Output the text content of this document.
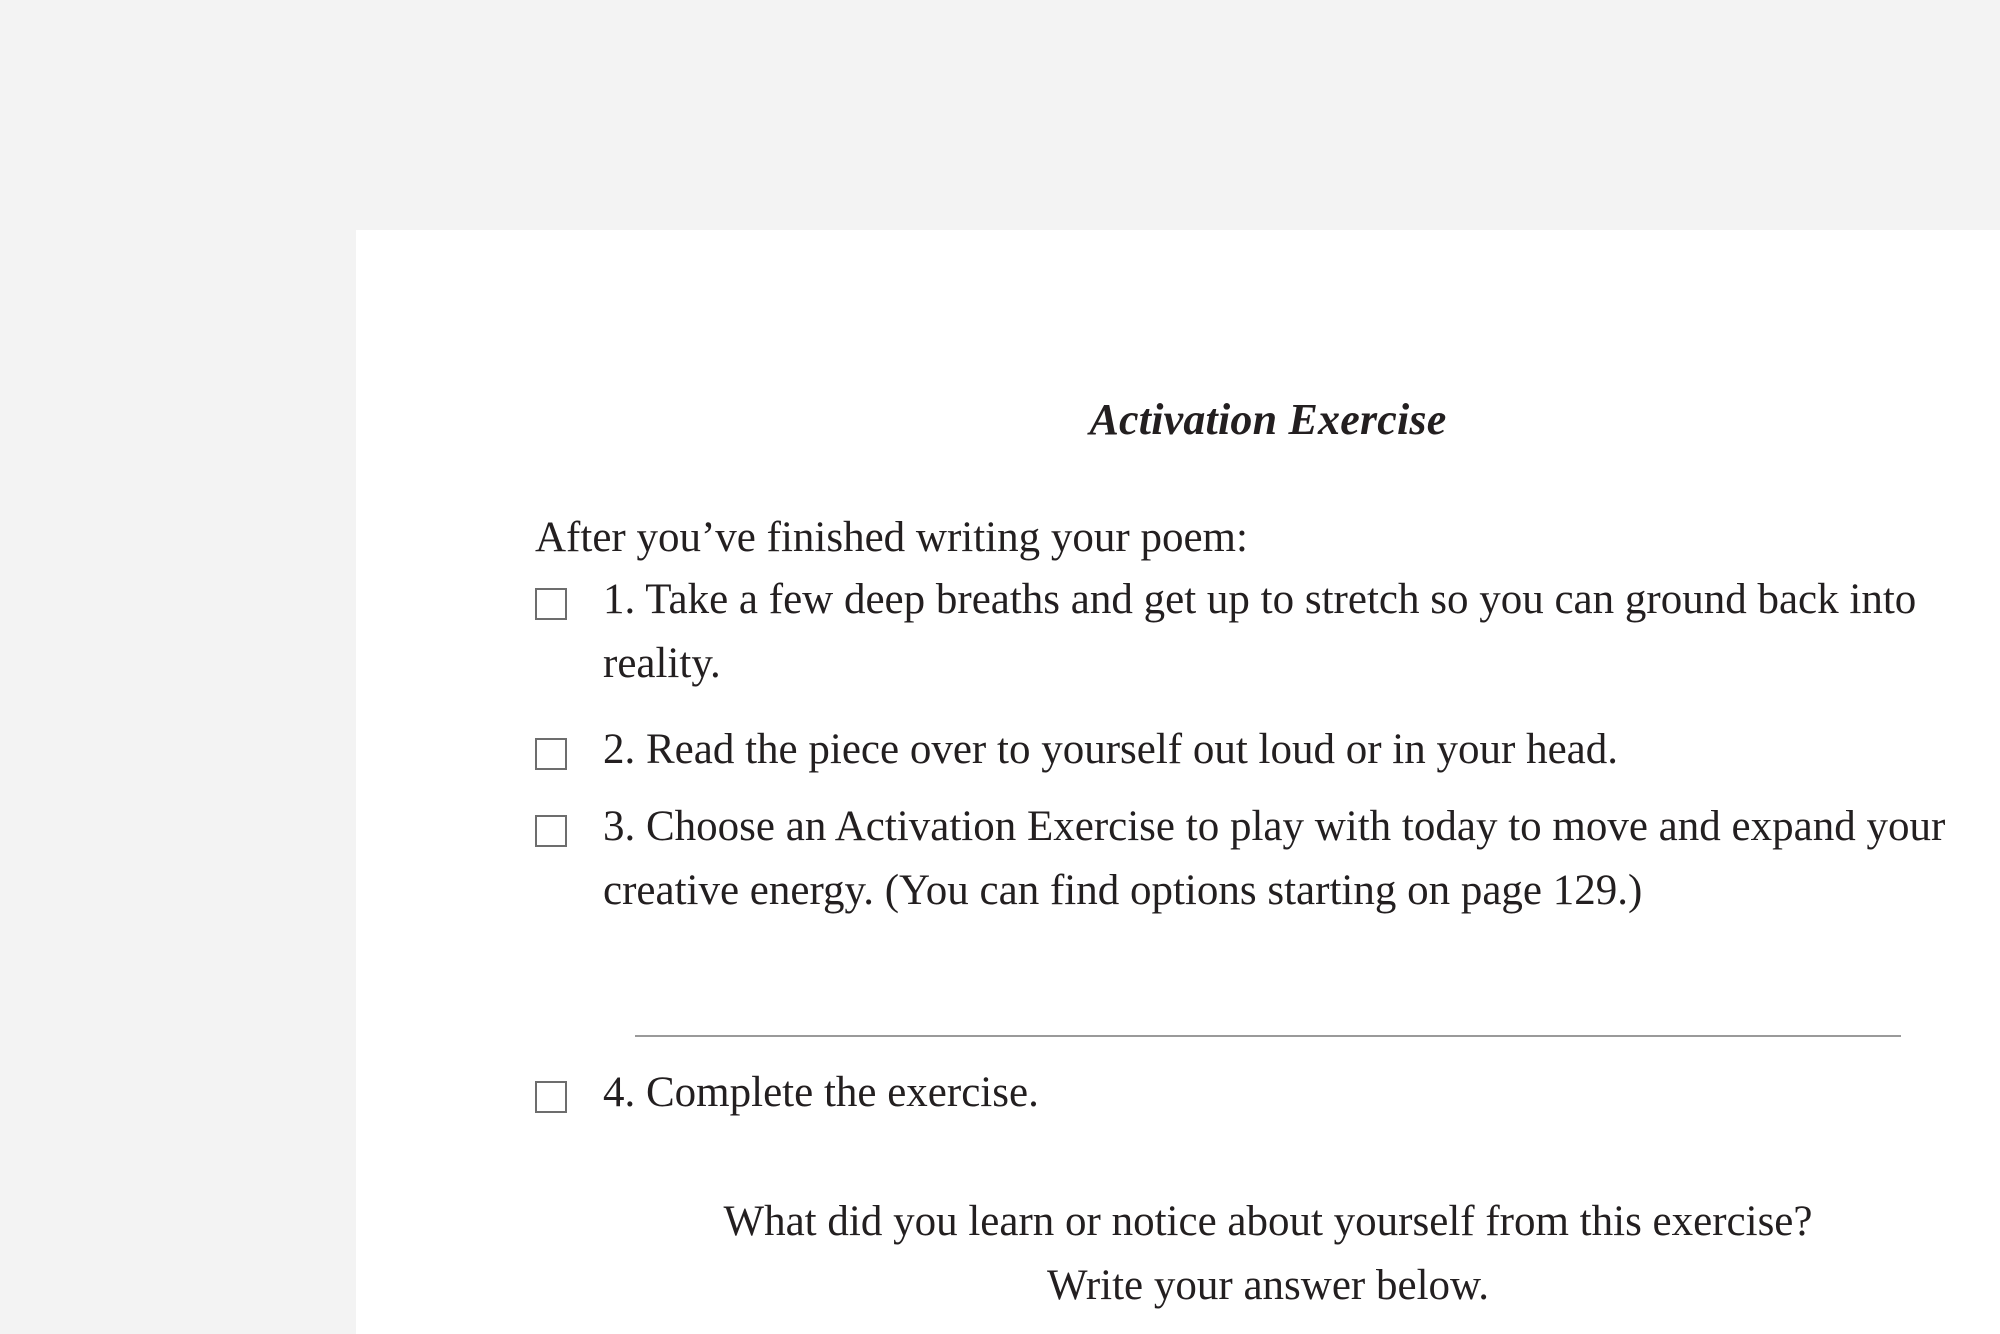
Activation Exercise
After you’ve finished writing your poem:
1. Take a few deep breaths and get up to stretch so you can ground back into reality.
2. Read the piece over to yourself out loud or in your head.
3. Choose an Activation Exercise to play with today to move and expand your creative energy. (You can find options starting on page 129.)
4. Complete the exercise.
What did you learn or notice about yourself from this exercise?
Write your answer below.
